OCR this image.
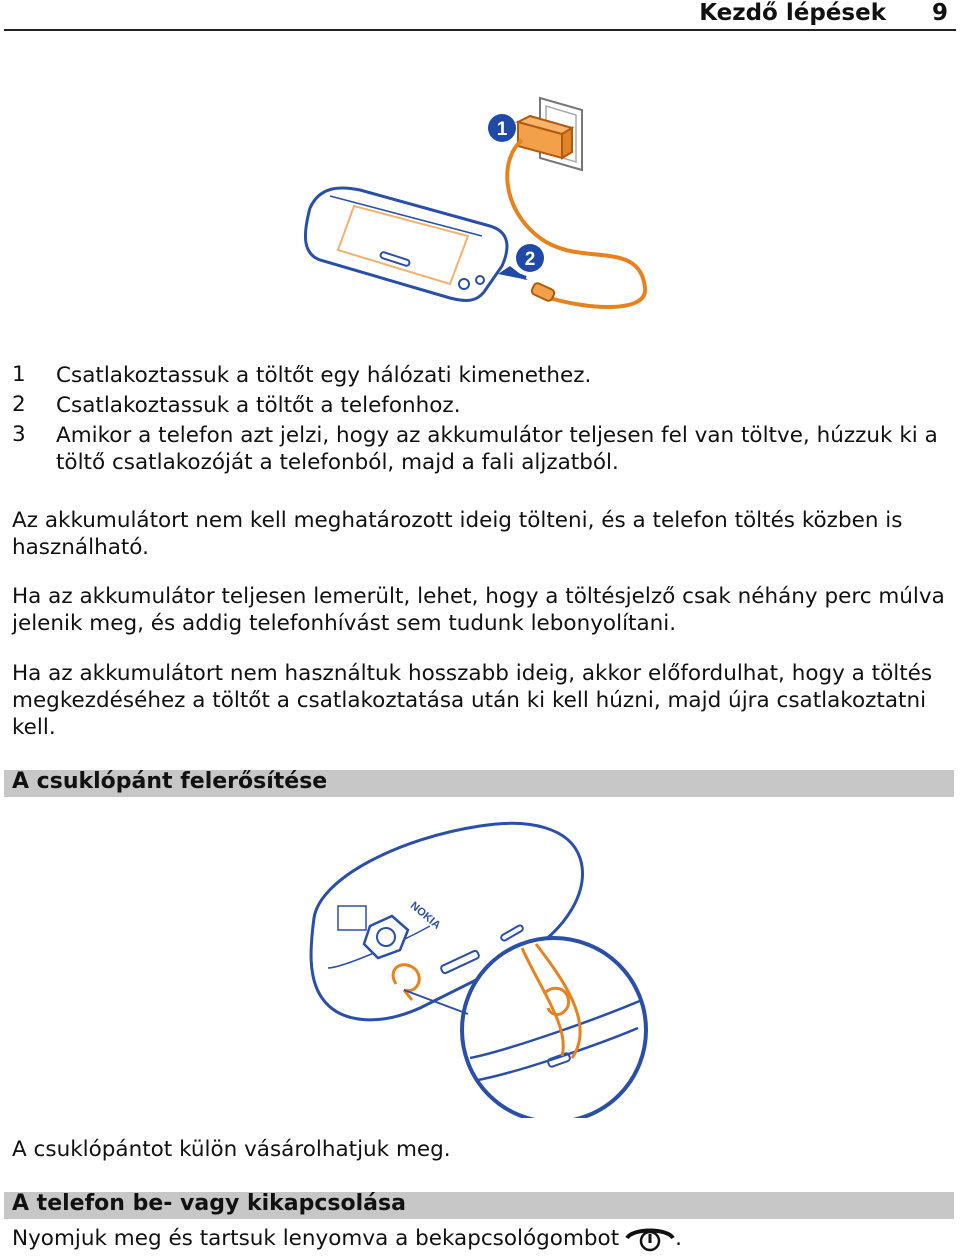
Kezdő lépések 9
1
2
1	Csatlakoztassuk a töltőt egy hálózati kimenethez.
2	Csatlakoztassuk a töltőt a telefonhoz.
3	Amikor a telefon azt jelzi, hogy az akkumulátor teljesen fel van töltve, húzzuk ki a töltő csatlakozóját a telefonból, majd a fali aljzatból.

Az akkumulátort nem kell meghatározott ideig tölteni, és a telefon töltés közben is használható.

Ha az akkumulátor teljesen lemerült, lehet, hogy a töltésjelző csak néhány perc múlva jelenik meg, és addig telefonhívást sem tudunk lebonyolítani.

Ha az akkumulátort nem használtuk hosszabb ideig, akkor előfordulhat, hogy a töltés megkezdéséhez a töltőt a csatlakoztatása után ki kell húzni, majd újra csatlakoztatni kell.

A csuklópánt felerősítése
NOKIA

A csuklópántot külön vásárolhatjuk meg.

A telefon be- vagy kikapcsolása
Nyomjuk meg és tartsuk lenyomva a bekapcsológombot	.
